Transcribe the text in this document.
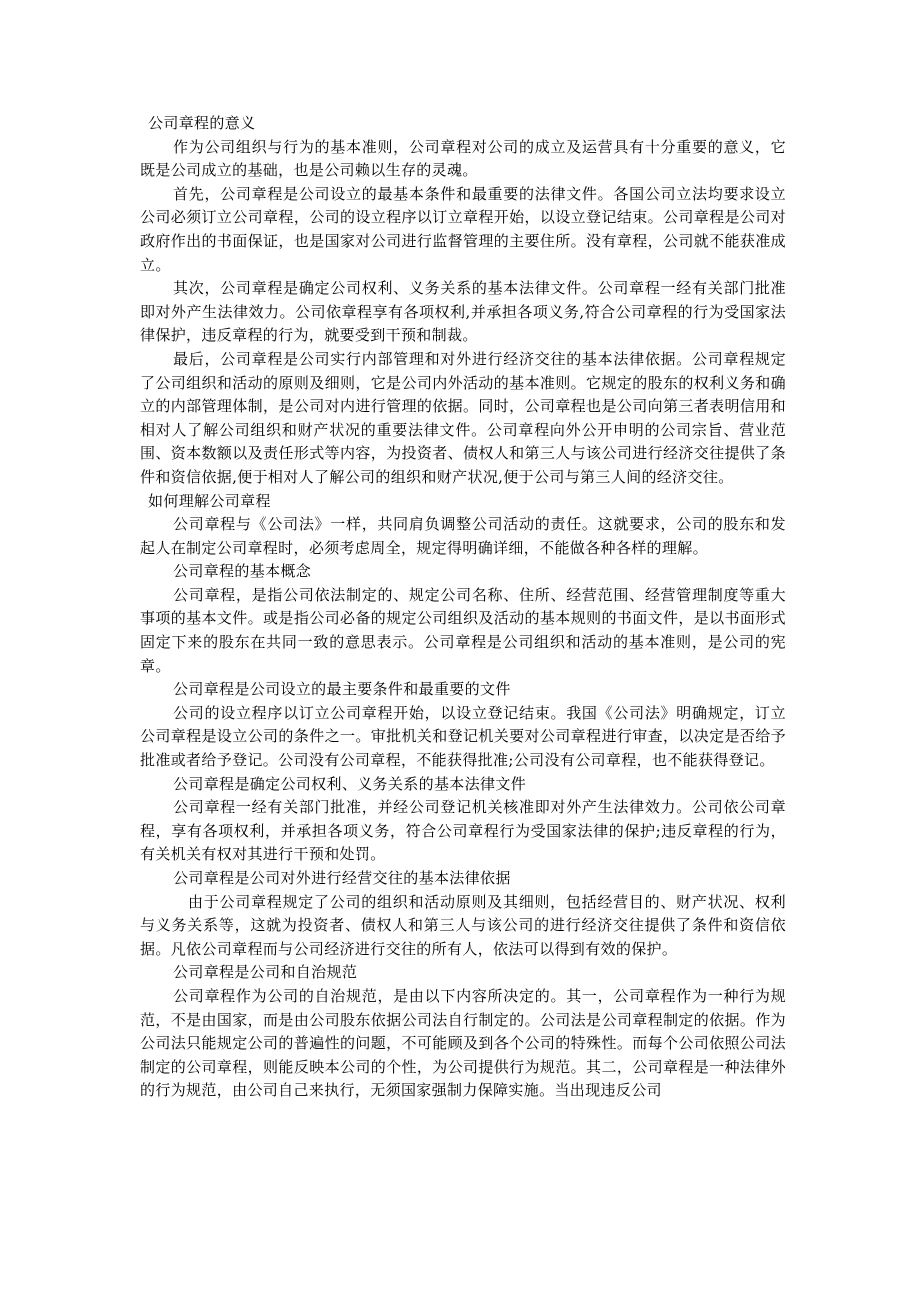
公司章程的意义

作为公司组织与行为的基本准则，公司章程对公司的成立及运营具有十分重要的意义，它既是公司成立的基础，也是公司赖以生存的灵魂。

首先，公司章程是公司设立的最基本条件和最重要的法律文件。各国公司立法均要求设立公司必须订立公司章程，公司的设立程序以订立章程开始，以设立登记结束。公司章程是公司对政府作出的书面保证，也是国家对公司进行监督管理的主要住所。没有章程，公司就不能获准成立。

其次，公司章程是确定公司权利、义务关系的基本法律文件。公司章程一经有关部门批准即对外产生法律效力。公司依章程享有各项权利,并承担各项义务,符合公司章程的行为受国家法律保护，违反章程的行为，就要受到干预和制裁。

最后，公司章程是公司实行内部管理和对外进行经济交往的基本法律依据。公司章程规定了公司组织和活动的原则及细则，它是公司内外活动的基本准则。它规定的股东的权利义务和确立的内部管理体制，是公司对内进行管理的依据。同时，公司章程也是公司向第三者表明信用和相对人了解公司组织和财产状况的重要法律文件。公司章程向外公开申明的公司宗旨、营业范围、资本数额以及责任形式等内容，为投资者、债权人和第三人与该公司进行经济交往提供了条件和资信依据,便于相对人了解公司的组织和财产状况,便于公司与第三人间的经济交往。

如何理解公司章程

公司章程与《公司法》一样，共同肩负调整公司活动的责任。这就要求，公司的股东和发起人在制定公司章程时，必须考虑周全，规定得明确详细，不能做各种各样的理解。

公司章程的基本概念

公司章程，是指公司依法制定的、规定公司名称、住所、经营范围、经营管理制度等重大事项的基本文件。或是指公司必备的规定公司组织及活动的基本规则的书面文件，是以书面形式固定下来的股东在共同一致的意思表示。公司章程是公司组织和活动的基本准则，是公司的宪章。

公司章程是公司设立的最主要条件和最重要的文件

公司的设立程序以订立公司章程开始，以设立登记结束。我国《公司法》明确规定，订立公司章程是设立公司的条件之一。审批机关和登记机关要对公司章程进行审查，以决定是否给予批准或者给予登记。公司没有公司章程，不能获得批准;公司没有公司章程，也不能获得登记。

公司章程是确定公司权利、义务关系的基本法律文件

公司章程一经有关部门批准，并经公司登记机关核准即对外产生法律效力。公司依公司章程，享有各项权利，并承担各项义务，符合公司章程行为受国家法律的保护;违反章程的行为，有关机关有权对其进行干预和处罚。

公司章程是公司对外进行经营交往的基本法律依据

由于公司章程规定了公司的组织和活动原则及其细则，包括经营目的、财产状况、权利与义务关系等，这就为投资者、债权人和第三人与该公司的进行经济交往提供了条件和资信依据。凡依公司章程而与公司经济进行交往的所有人，依法可以得到有效的保护。

公司章程是公司和自治规范

公司章程作为公司的自治规范，是由以下内容所决定的。其一，公司章程作为一种行为规范，不是由国家，而是由公司股东依据公司法自行制定的。公司法是公司章程制定的依据。作为公司法只能规定公司的普遍性的问题，不可能顾及到各个公司的特殊性。而每个公司依照公司法制定的公司章程，则能反映本公司的个性，为公司提供行为规范。其二，公司章程是一种法律外的行为规范，由公司自己来执行，无须国家强制力保障实施。当出现违反公司
